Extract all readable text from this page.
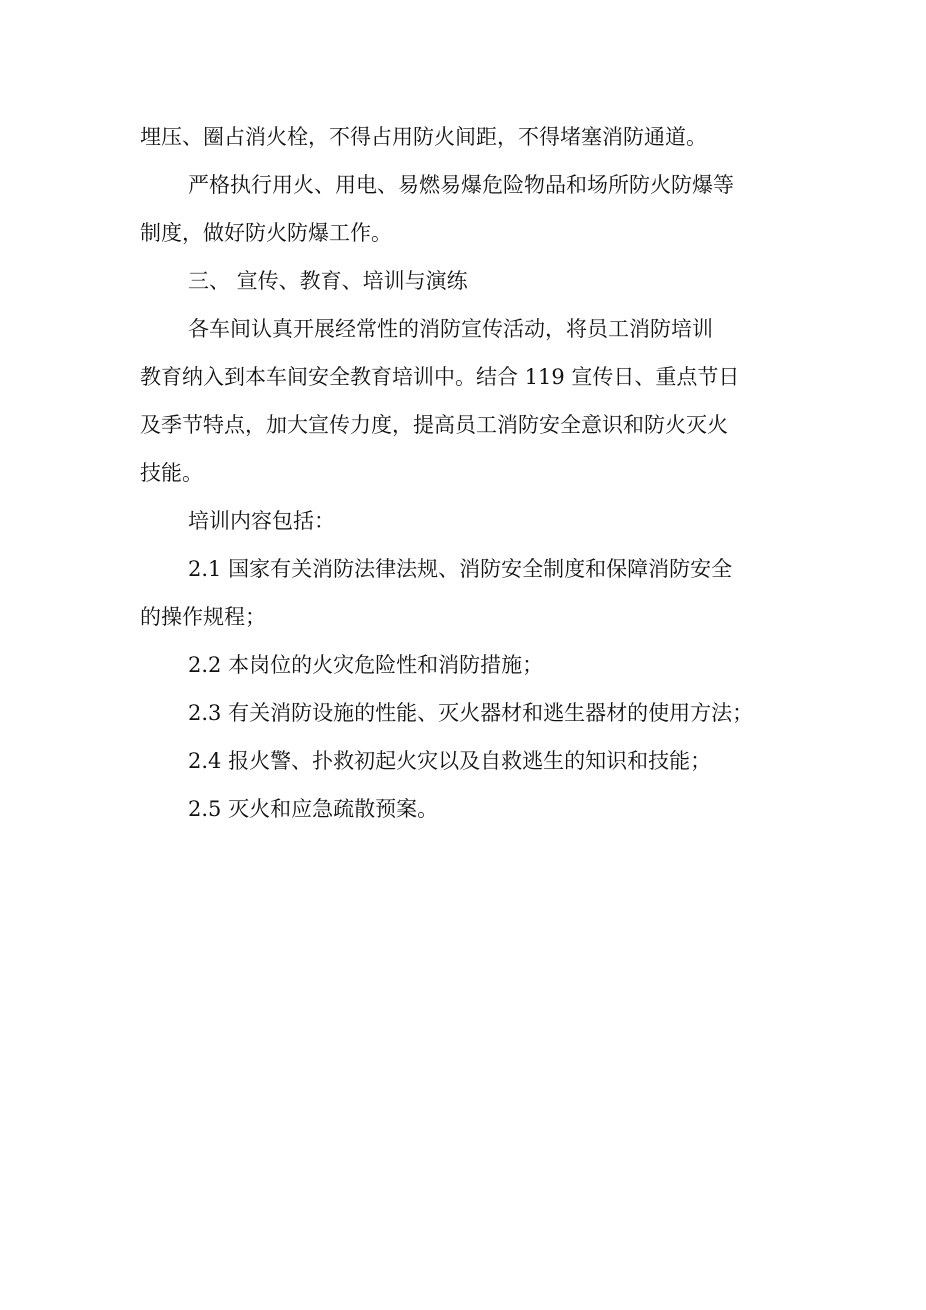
埋压、圈占消火栓，不得占用防火间距，不得堵塞消防通道。
严格执行用火、用电、易燃易爆危险物品和场所防火防爆等
制度，做好防火防爆工作。
三、 宣传、教育、培训与演练
各车间认真开展经常性的消防宣传活动，将员工消防培训
教育纳入到本车间安全教育培训中。结合 119 宣传日、重点节日
及季节特点，加大宣传力度，提高员工消防安全意识和防火灭火
技能。
培训内容包括：
2.1 国家有关消防法律法规、消防安全制度和保障消防安全
的操作规程；
2.2 本岗位的火灾危险性和消防措施；
2.3 有关消防设施的性能、灭火器材和逃生器材的使用方法；
2.4 报火警、扑救初起火灾以及自救逃生的知识和技能；
2.5 灭火和应急疏散预案。
